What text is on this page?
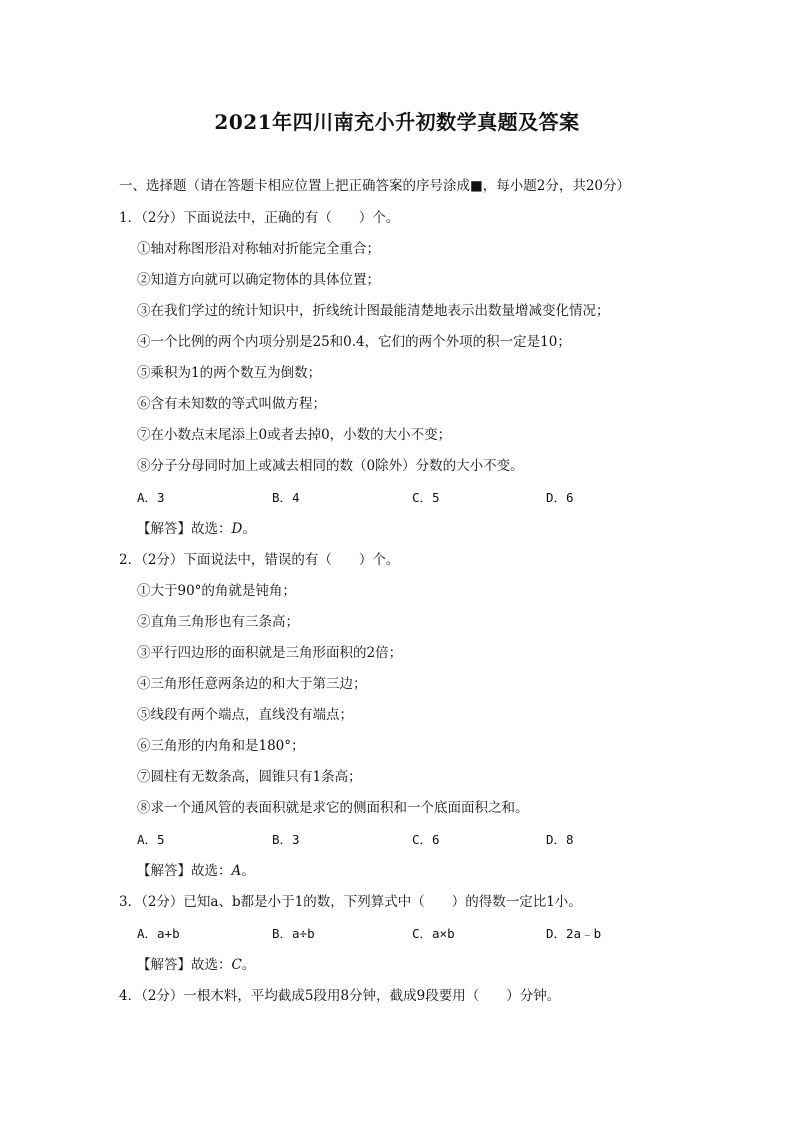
2021年四川南充小升初数学真题及答案
一、选择题（请在答题卡相应位置上把正确答案的序号涂成■，每小题2分，共20分）
1．（2分）下面说法中，正确的有（　　）个。
①轴对称图形沿对称轴对折能完全重合；
②知道方向就可以确定物体的具体位置；
③在我们学过的统计知识中，折线统计图最能清楚地表示出数量增减变化情况；
④一个比例的两个内项分别是25和0.4，它们的两个外项的积一定是10；
⑤乘积为1的两个数互为倒数；
⑥含有未知数的等式叫做方程；
⑦在小数点末尾添上0或者去掉0，小数的大小不变；
⑧分子分母同时加上或减去相同的数（0除外）分数的大小不变。
A．3	B．4	C．5	D．6
【解答】故选：D。
2．（2分）下面说法中，错误的有（　　）个。
①大于90°的角就是钝角；
②直角三角形也有三条高；
③平行四边形的面积就是三角形面积的2倍；
④三角形任意两条边的和大于第三边；
⑤线段有两个端点，直线没有端点；
⑥三角形的内角和是180°；
⑦圆柱有无数条高，圆锥只有1条高；
⑧求一个通风管的表面积就是求它的侧面积和一个底面面积之和。
A．5	B．3	C．6	D．8
【解答】故选：A。
3．（2分）已知a、b都是小于1的数，下列算式中（　　）的得数一定比1小。
A．a+b	B．a÷b	C．a×b	D．2a﹣b
【解答】故选：C。
4．（2分）一根木料，平均截成5段用8分钟，截成9段要用（　　）分钟。
